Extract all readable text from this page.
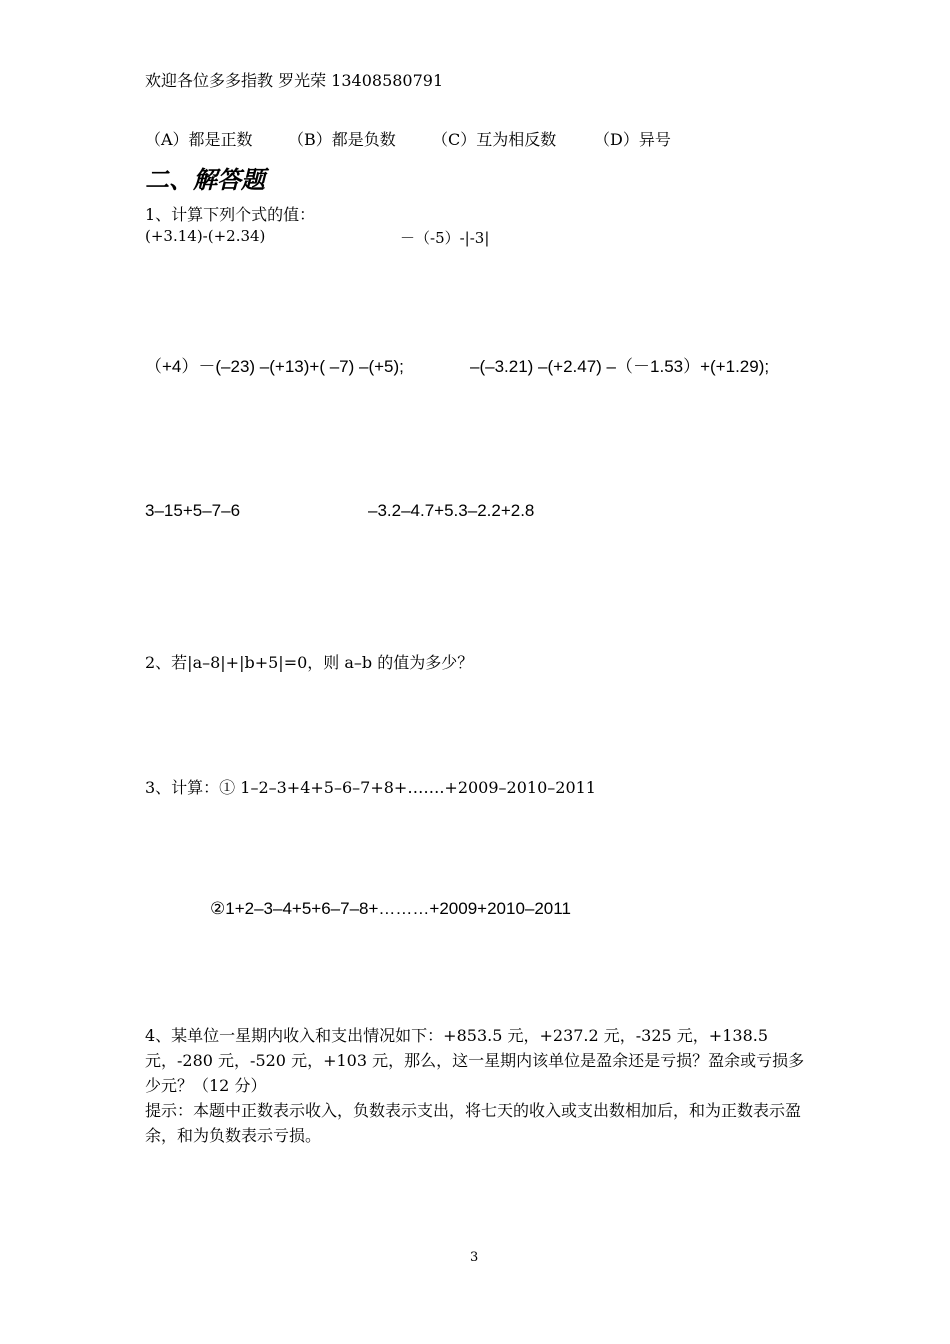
欢迎各位多多指教 罗光荣 13408580791
（A）都是正数 （B）都是负数 （C）互为相反数 （D）异号
二、解答题
1、计算下列个式的值：
(+3.14)-(+2.34)	－（-5）-|-3|
（+4）－(–23) –(+13)+( –7) –(+5);	–(–3.21) –(+2.47) –（－1.53）+(+1.29);
3–15+5–7–6	–3.2–4.7+5.3–2.2+2.8
2、若|a–8|+|b+5|=0，则 a–b 的值为多少？
3、计算：① 1–2–3+4+5–6–7+8+…….+2009–2010–2011
②1+2–3–4+5+6–7–8+………+2009+2010–2011
4、某单位一星期内收入和支出情况如下：+853.5 元，+237.2 元，-325 元，+138.5 元，-280 元，-520 元，+103 元，那么，这一星期内该单位是盈余还是亏损？盈余或亏损多少元？（12 分）
提示：本题中正数表示收入，负数表示支出，将七天的收入或支出数相加后，和为正数表示盈余，和为负数表示亏损。
3
